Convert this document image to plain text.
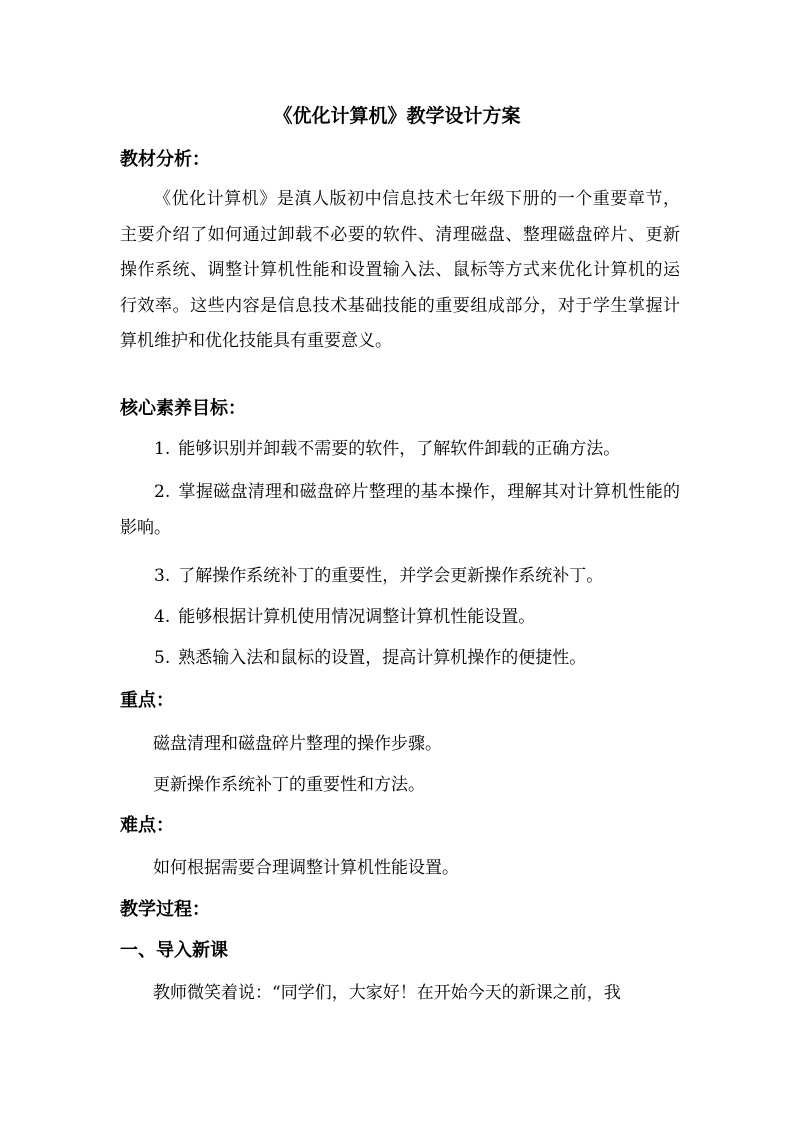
《优化计算机》教学设计方案
教材分析：

《优化计算机》是滇人版初中信息技术七年级下册的一个重要章节，主要介绍了如何通过卸载不必要的软件、清理磁盘、整理磁盘碎片、更新操作系统、调整计算机性能和设置输入法、鼠标等方式来优化计算机的运行效率。这些内容是信息技术基础技能的重要组成部分，对于学生掌握计算机维护和优化技能具有重要意义。

核心素养目标：

1. 能够识别并卸载不需要的软件，了解软件卸载的正确方法。

2. 掌握磁盘清理和磁盘碎片整理的基本操作，理解其对计算机性能的影响。

3. 了解操作系统补丁的重要性，并学会更新操作系统补丁。

4. 能够根据计算机使用情况调整计算机性能设置。

5. 熟悉输入法和鼠标的设置，提高计算机操作的便捷性。

重点：
磁盘清理和磁盘碎片整理的操作步骤。
更新操作系统补丁的重要性和方法。
难点：
如何根据需要合理调整计算机性能设置。
教学过程：
一、导入新课
教师微笑着说：“同学们，大家好！在开始今天的新课之前，我
